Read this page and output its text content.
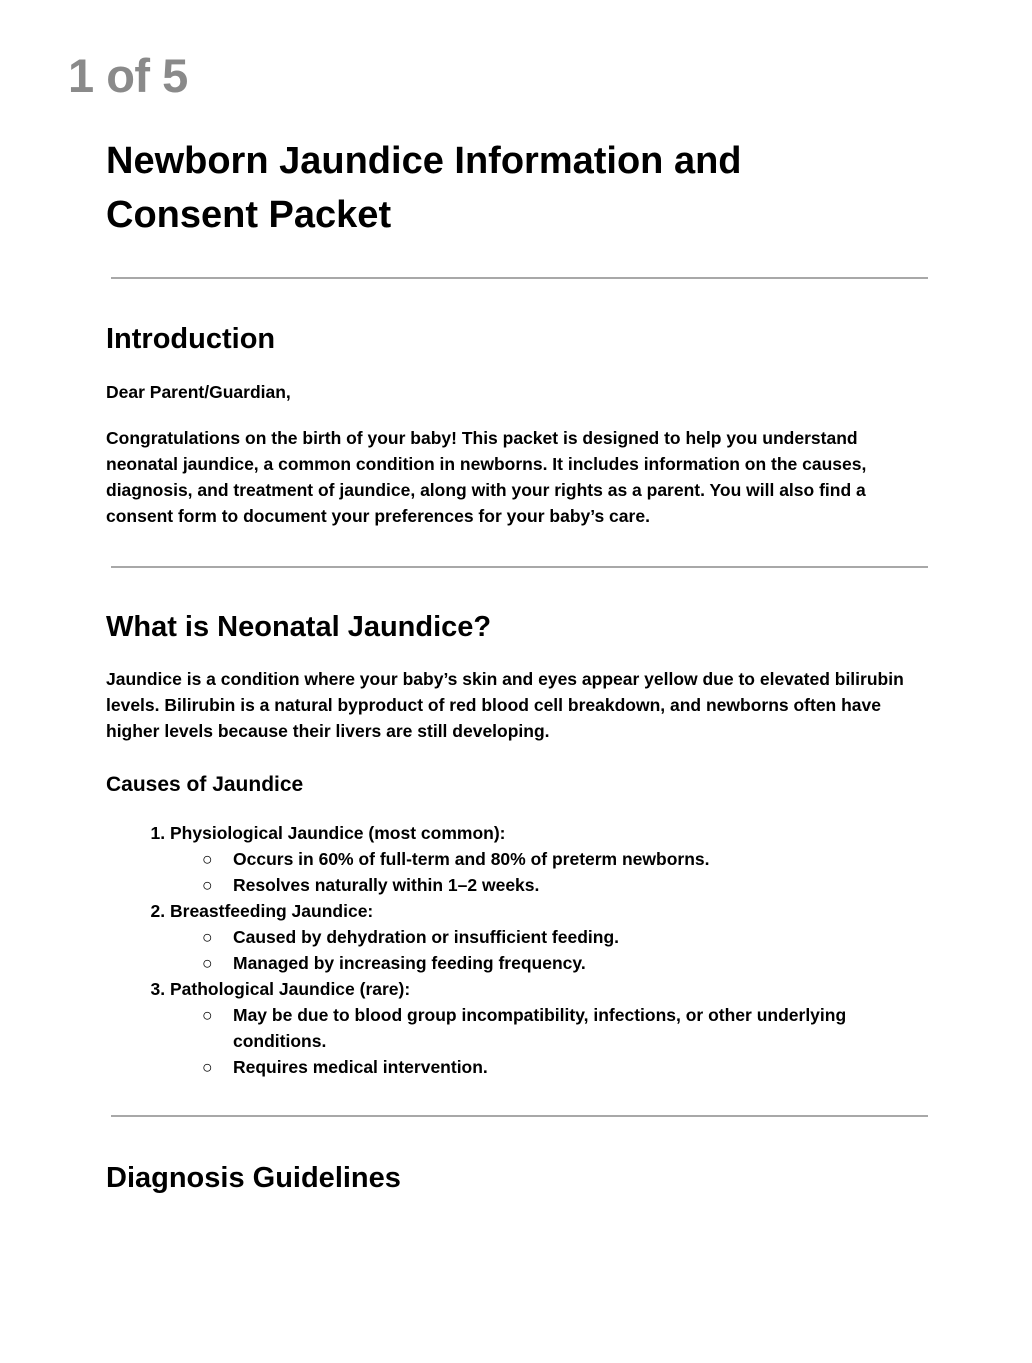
1 of 5
Newborn Jaundice Information and Consent Packet
Introduction

Dear Parent/Guardian,

Congratulations on the birth of your baby! This packet is designed to help you understand neonatal jaundice, a common condition in newborns. It includes information on the causes, diagnosis, and treatment of jaundice, along with your rights as a parent. You will also find a consent form to document your preferences for your baby’s care.

What is Neonatal Jaundice?

Jaundice is a condition where your baby’s skin and eyes appear yellow due to elevated bilirubin levels. Bilirubin is a natural byproduct of red blood cell breakdown, and newborns often have higher levels because their livers are still developing.

Causes of Jaundice
1. Physiological Jaundice (most common):
○ Occurs in 60% of full-term and 80% of preterm newborns.
○ Resolves naturally within 1–2 weeks.
2. Breastfeeding Jaundice:
○ Caused by dehydration or insufficient feeding.
○ Managed by increasing feeding frequency.
3. Pathological Jaundice (rare):
○ May be due to blood group incompatibility, infections, or other underlying conditions.
○ Requires medical intervention.
Diagnosis Guidelines
